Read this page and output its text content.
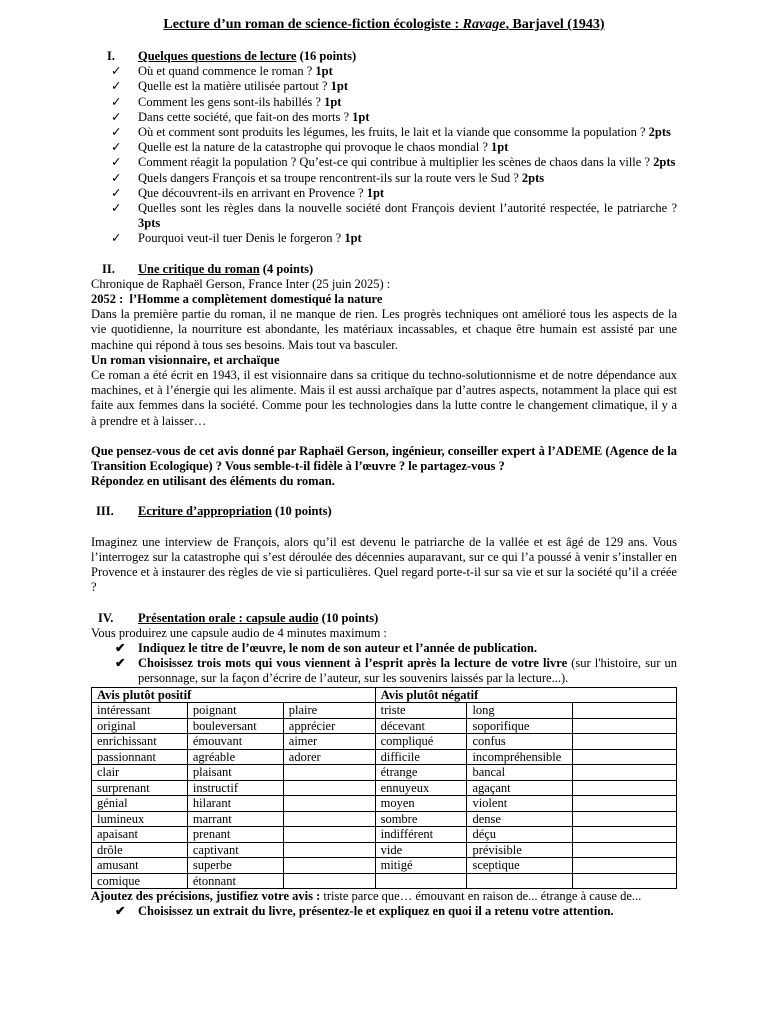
Lecture d’un roman de science-fiction écologiste : Ravage, Barjavel (1943)
I.	Quelques questions de lecture (16 points)
✓ Où et quand commence le roman ? 1pt
✓ Quelle est la matière utilisée partout ? 1pt
✓ Comment les gens sont-ils habillés ? 1pt
✓ Dans cette société, que fait-on des morts ? 1pt
✓ Où et comment sont produits les légumes, les fruits, le lait et la viande que consomme la population ? 2pts
✓ Quelle est la nature de la catastrophe qui provoque le chaos mondial ? 1pt
✓ Comment réagit la population ? Qu’est-ce qui contribue à multiplier les scènes de chaos dans la ville ? 2pts
✓ Quels dangers François et sa troupe rencontrent-ils sur la route vers le Sud ? 2pts
✓ Que découvrent-ils en arrivant en Provence ? 1pt
✓ Quelles sont les règles dans la nouvelle société dont François devient l’autorité respectée, le patriarche ? 3pts
✓ Pourquoi veut-il tuer Denis le forgeron ? 1pt
II.	Une critique du roman (4 points)
Chronique de Raphaël Gerson, France Inter (25 juin 2025) :
2052 :  l’Homme a complètement domestiqué la nature
Dans la première partie du roman, il ne manque de rien. Les progrès techniques ont amélioré tous les aspects de la vie quotidienne, la nourriture est abondante, les matériaux incassables, et chaque être humain est assisté par une machine qui répond à tous ses besoins. Mais tout va basculer.
Un roman visionnaire, et archaïque
Ce roman a été écrit en 1943, il est visionnaire dans sa critique du techno-solutionnisme et de notre dépendance aux machines, et à l’énergie qui les alimente. Mais il est aussi archaïque par d’autres aspects, notamment la place qui est faite aux femmes dans la société. Comme pour les technologies dans la lutte contre le changement climatique, il y a à prendre et à laisser…
Que pensez-vous de cet avis donné par Raphaël Gerson, ingénieur, conseiller expert à l’ADEME (Agence de la Transition Ecologique) ? Vous semble-t-il fidèle à l’œuvre ? le partagez-vous ?
Répondez en utilisant des éléments du roman.
III.	Ecriture d’appropriation (10 points)
Imaginez une interview de François, alors qu’il est devenu le patriarche de la vallée et est âgé de 129 ans. Vous l’interrogez sur la catastrophe qui s’est déroulée des décennies auparavant, sur ce qui l’a poussé à venir s’installer en Provence et à instaurer des règles de vie si particulières. Quel regard porte-t-il sur sa vie et sur la société qu’il a créée ?
IV.	Présentation orale : capsule audio (10 points)
Vous produirez une capsule audio de 4 minutes maximum :
✔ Indiquez le titre de l’œuvre, le nom de son auteur et l’année de publication.
✔ Choisissez trois mots qui vous viennent à l’esprit après la lecture de votre livre (sur l'histoire, sur un personnage, sur la façon d’écrire de l’auteur, sur les souvenirs laissés par la lecture...).
Avis plutôt positif			Avis plutôt négatif		
intéressant	poignant	plaire	triste	long	
original	bouleversant	apprécier	décevant	soporifique	
enrichissant	émouvant	aimer	compliqué	confus	
passionnant	agréable	adorer	difficile	incompréhensible	
clair	plaisant		étrange	bancal	
surprenant	instructif		ennuyeux	agaçant	
génial	hilarant		moyen	violent	
lumineux	marrant		sombre	dense	
apaisant	prenant		indifférent	déçu	
drôle	captivant		vide	prévisible	
amusant	superbe		mitigé	sceptique	
comique	étonnant				
Ajoutez des précisions, justifiez votre avis : triste parce que… émouvant en raison de... étrange à cause de...
✔ Choisissez un extrait du livre, présentez-le et expliquez en quoi il a retenu votre attention.
